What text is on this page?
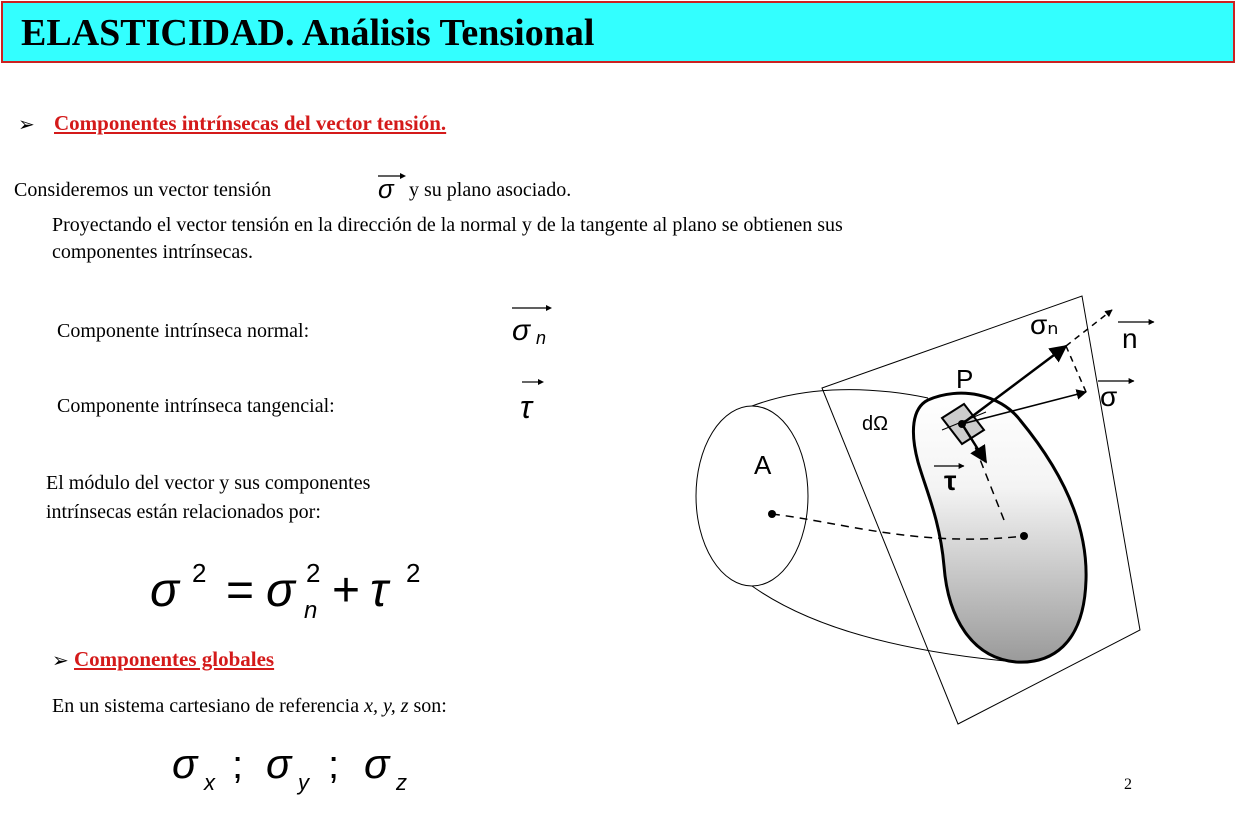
ELASTICIDAD. Análisis Tensional
➢ Componentes intrínsecas del vector tensión.
Consideremos un vector tensión	σ y su plano asociado.
Proyectando el vector tensión en la dirección de la normal y de la tangente al plano se obtienen sus
componentes intrínsecas.
Componente intrínseca normal:	σ n
Componente intrínseca tangencial:	τ
El módulo del vector y sus componentes
intrínsecas están relacionados por:
σ 2 = σ 2
n + τ 2
➢ Componentes globales
En un sistema cartesiano de referencia x, y, z son:
σ x ; σ y ; σ z
σₙ n
P
σ
dΩ
A	τ
2
